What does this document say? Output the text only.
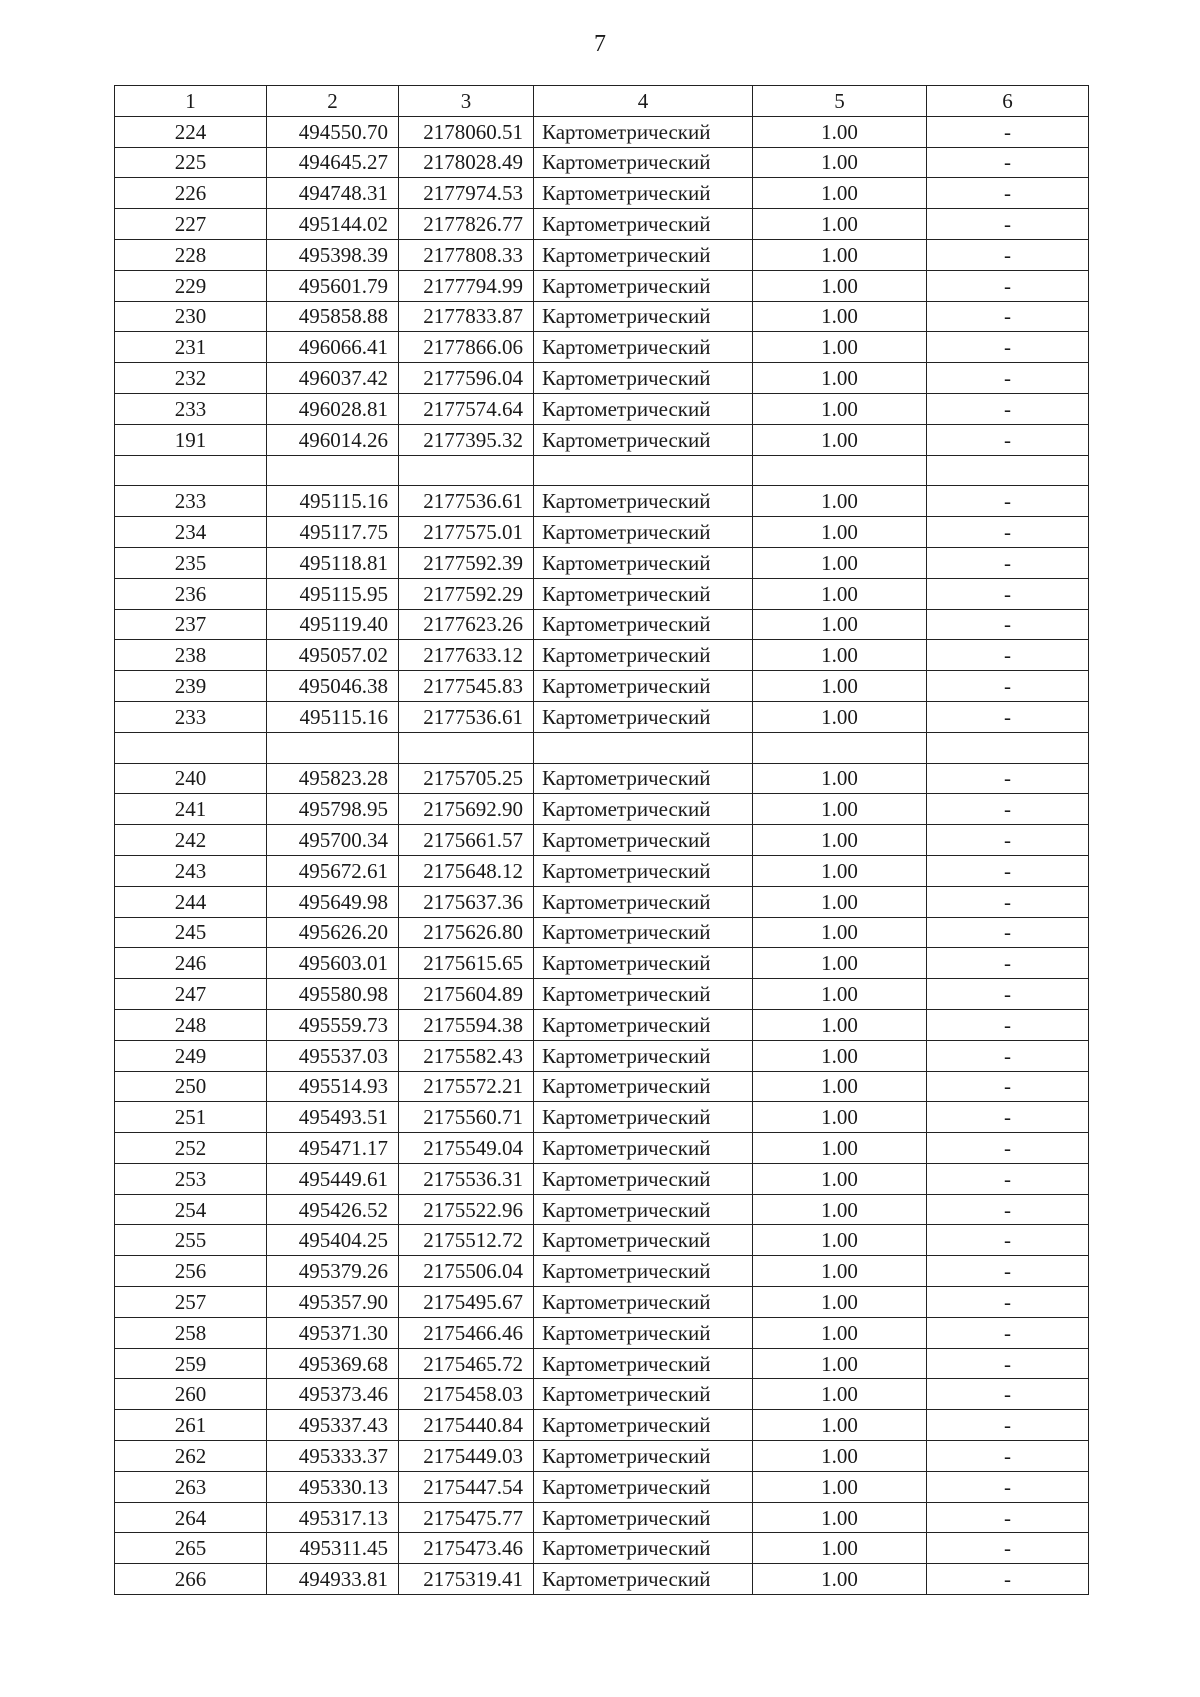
7
1	2	3	4	5	6
224	494550.70	2178060.51	Картометрический	1.00	-
225	494645.27	2178028.49	Картометрический	1.00	-
226	494748.31	2177974.53	Картометрический	1.00	-
227	495144.02	2177826.77	Картометрический	1.00	-
228	495398.39	2177808.33	Картометрический	1.00	-
229	495601.79	2177794.99	Картометрический	1.00	-
230	495858.88	2177833.87	Картометрический	1.00	-
231	496066.41	2177866.06	Картометрический	1.00	-
232	496037.42	2177596.04	Картометрический	1.00	-
233	496028.81	2177574.64	Картометрический	1.00	-
191	496014.26	2177395.32	Картометрический	1.00	-

233	495115.16	2177536.61	Картометрический	1.00	-
234	495117.75	2177575.01	Картометрический	1.00	-
235	495118.81	2177592.39	Картометрический	1.00	-
236	495115.95	2177592.29	Картометрический	1.00	-
237	495119.40	2177623.26	Картометрический	1.00	-
238	495057.02	2177633.12	Картометрический	1.00	-
239	495046.38	2177545.83	Картометрический	1.00	-
233	495115.16	2177536.61	Картометрический	1.00	-

240	495823.28	2175705.25	Картометрический	1.00	-
241	495798.95	2175692.90	Картометрический	1.00	-
242	495700.34	2175661.57	Картометрический	1.00	-
243	495672.61	2175648.12	Картометрический	1.00	-
244	495649.98	2175637.36	Картометрический	1.00	-
245	495626.20	2175626.80	Картометрический	1.00	-
246	495603.01	2175615.65	Картометрический	1.00	-
247	495580.98	2175604.89	Картометрический	1.00	-
248	495559.73	2175594.38	Картометрический	1.00	-
249	495537.03	2175582.43	Картометрический	1.00	-
250	495514.93	2175572.21	Картометрический	1.00	-
251	495493.51	2175560.71	Картометрический	1.00	-
252	495471.17	2175549.04	Картометрический	1.00	-
253	495449.61	2175536.31	Картометрический	1.00	-
254	495426.52	2175522.96	Картометрический	1.00	-
255	495404.25	2175512.72	Картометрический	1.00	-
256	495379.26	2175506.04	Картометрический	1.00	-
257	495357.90	2175495.67	Картометрический	1.00	-
258	495371.30	2175466.46	Картометрический	1.00	-
259	495369.68	2175465.72	Картометрический	1.00	-
260	495373.46	2175458.03	Картометрический	1.00	-
261	495337.43	2175440.84	Картометрический	1.00	-
262	495333.37	2175449.03	Картометрический	1.00	-
263	495330.13	2175447.54	Картометрический	1.00	-
264	495317.13	2175475.77	Картометрический	1.00	-
265	495311.45	2175473.46	Картометрический	1.00	-
266	494933.81	2175319.41	Картометрический	1.00	-
